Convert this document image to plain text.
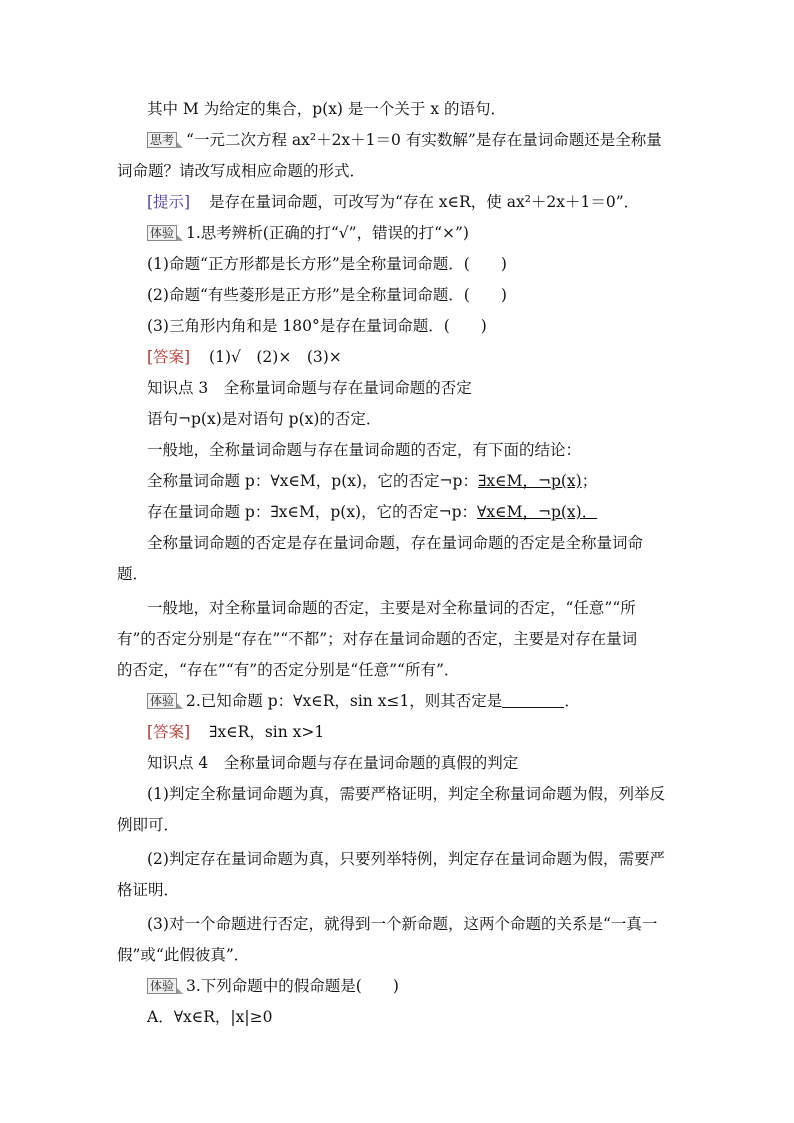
其中 M 为给定的集合，p(x) 是一个关于 x 的语句．
思考 “一元二次方程 ax²＋2x＋1＝0 有实数解”是存在量词命题还是全称量
词命题？请改写成相应命题的形式．
[提示] 是存在量词命题，可改写为“存在 x∈R，使 ax²＋2x＋1＝0”．
体验 1.思考辨析(正确的打“√”，错误的打“×”)
(1)命题“正方形都是长方形”是全称量词命题．(　　)
(2)命题“有些菱形是正方形”是全称量词命题．(　　)
(3)三角形内角和是 180°是存在量词命题．(　　)
[答案] (1)√　(2)×　(3)×
知识点 3　全称量词命题与存在量词命题的否定
语句¬p(x)是对语句 p(x)的否定．
一般地，全称量词命题与存在量词命题的否定，有下面的结论：
全称量词命题 p：∀x∈M，p(x)，它的否定¬p：∃x∈M，¬p(x)；
存在量词命题 p：∃x∈M，p(x)，它的否定¬p：∀x∈M，¬p(x)．
全称量词命题的否定是存在量词命题，存在量词命题的否定是全称量词命
题．
一般地，对全称量词命题的否定，主要是对全称量词的否定，“任意”“所
有”的否定分别是“存在”“不都”；对存在量词命题的否定，主要是对存在量词
的否定，“存在”“有”的否定分别是“任意”“所有”．
体验 2.已知命题 p：∀x∈R，sin x≤1，则其否定是	．
[答案] ∃x∈R，sin x>1
知识点 4　全称量词命题与存在量词命题的真假的判定
(1)判定全称量词命题为真，需要严格证明，判定全称量词命题为假，列举反
例即可．
(2)判定存在量词命题为真，只要列举特例，判定存在量词命题为假，需要严
格证明．
(3)对一个命题进行否定，就得到一个新命题，这两个命题的关系是“一真一
假”或“此假彼真”．
体验 3.下列命题中的假命题是(　　)
A．∀x∈R，|x|≥0
